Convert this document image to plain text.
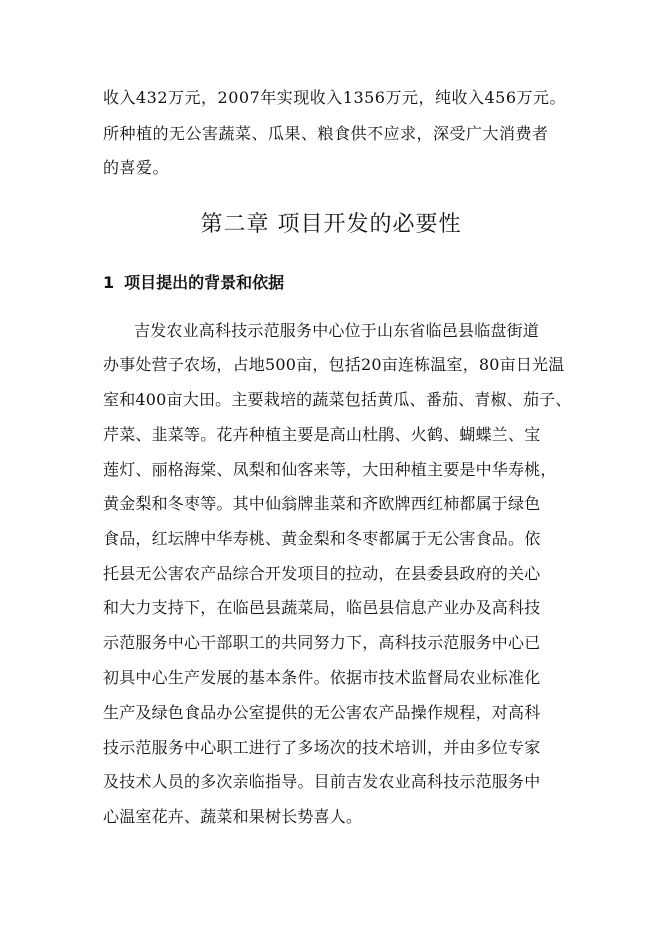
收入432万元，2007年实现收入1356万元，纯收入456万元。
所种植的无公害蔬菜、瓜果、粮食供不应求，深受广大消费者
的喜爱。
第二章 项目开发的必要性
1 项目提出的背景和依据
吉发农业高科技示范服务中心位于山东省临邑县临盘街道
办事处营子农场，占地500亩，包括20亩连栋温室，80亩日光温
室和400亩大田。主要栽培的蔬菜包括黄瓜、番茄、青椒、茄子、
芹菜、韭菜等。花卉种植主要是高山杜鹃、火鹤、蝴蝶兰、宝
莲灯、丽格海棠、凤梨和仙客来等，大田种植主要是中华寿桃，
黄金梨和冬枣等。其中仙翁牌韭菜和齐欧牌西红柿都属于绿色
食品，红坛牌中华寿桃、黄金梨和冬枣都属于无公害食品。依
托县无公害农产品综合开发项目的拉动，在县委县政府的关心
和大力支持下，在临邑县蔬菜局，临邑县信息产业办及高科技
示范服务中心干部职工的共同努力下，高科技示范服务中心已
初具中心生产发展的基本条件。依据市技术监督局农业标准化
生产及绿色食品办公室提供的无公害农产品操作规程，对高科
技示范服务中心职工进行了多场次的技术培训，并由多位专家
及技术人员的多次亲临指导。目前吉发农业高科技示范服务中
心温室花卉、蔬菜和果树长势喜人。
